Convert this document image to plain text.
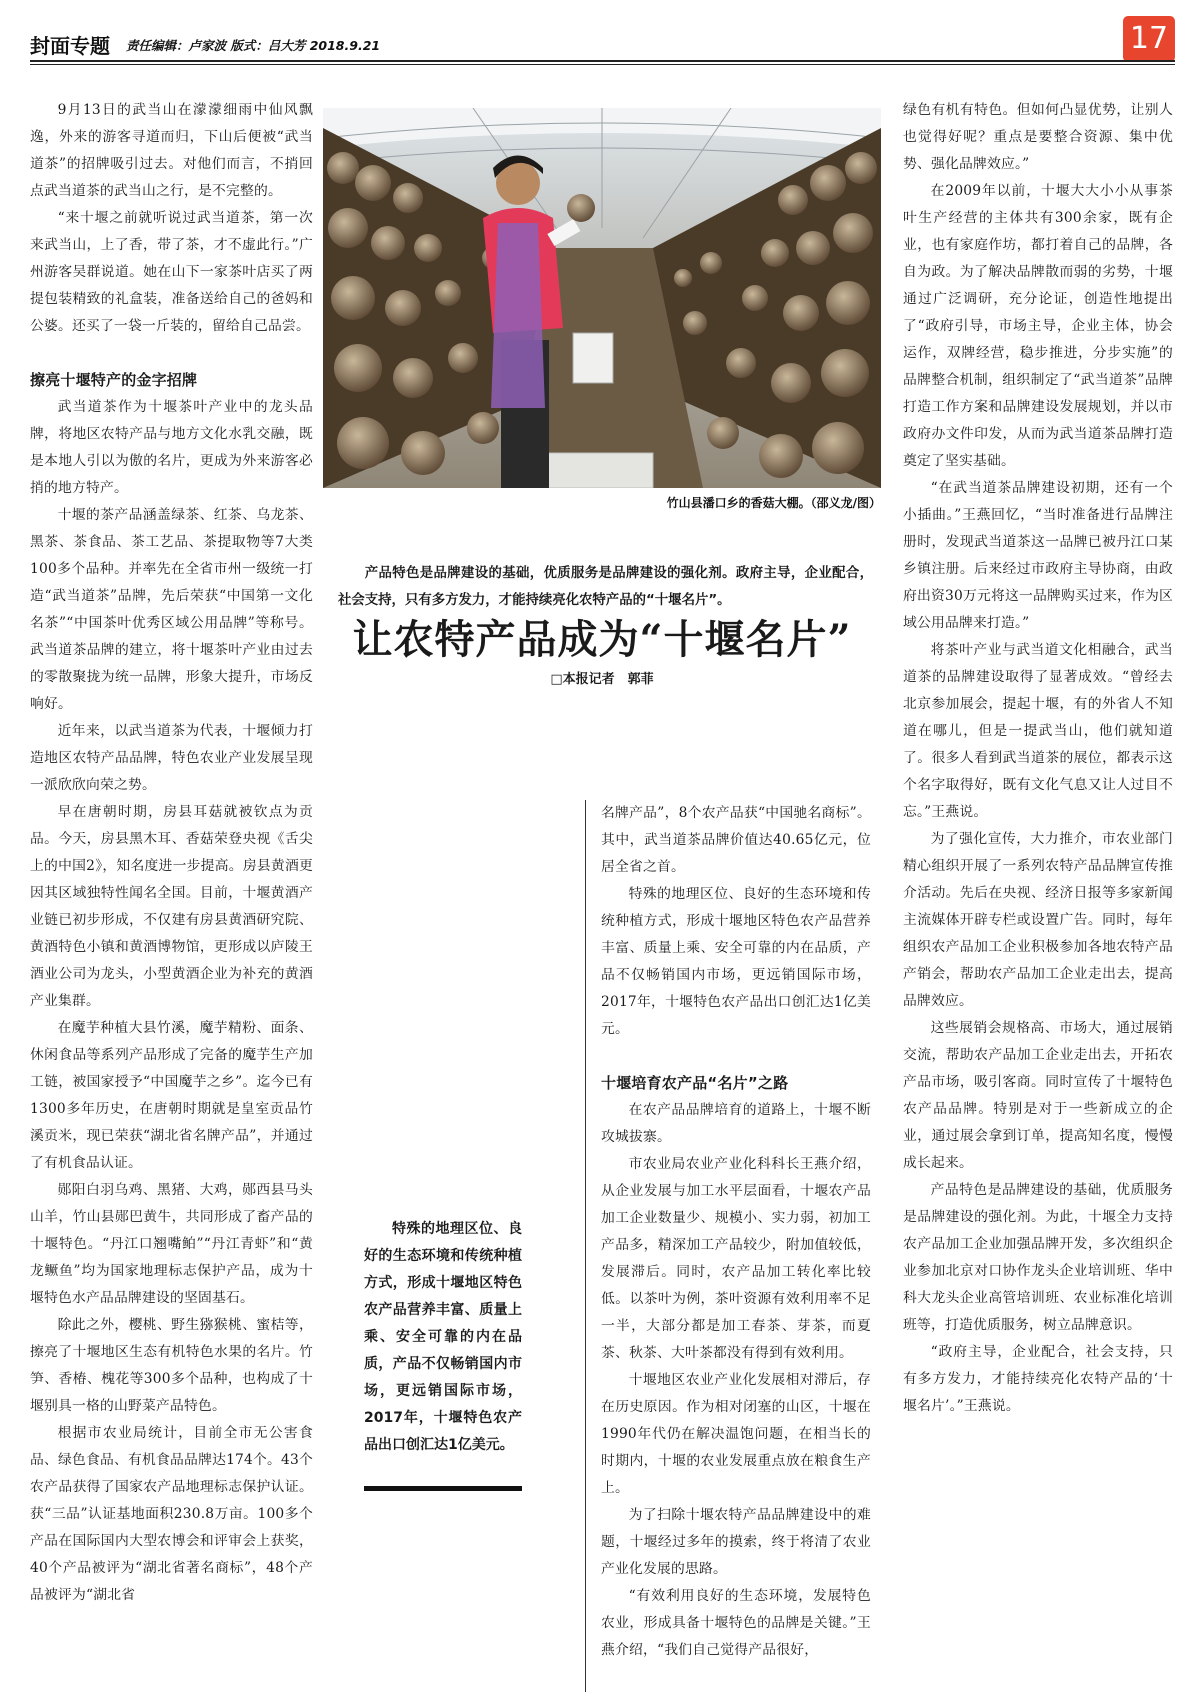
封面专题 责任编辑：卢家波 版式：吕大芳 2018.9.21	17

9月13日的武当山在濛濛细雨中仙风飘逸，外来的游客寻道而归，下山后便被“武当道茶”的招牌吸引过去。对他们而言，不捎回点武当道茶的武当山之行，是不完整的。

“来十堰之前就听说过武当道茶，第一次来武当山，上了香，带了茶，才不虚此行。”广州游客吴群说道。她在山下一家茶叶店买了两提包装精致的礼盒装，准备送给自己的爸妈和公婆。还买了一袋一斤装的，留给自己品尝。

擦亮十堰特产的金字招牌

武当道茶作为十堰茶叶产业中的龙头品牌，将地区农特产品与地方文化水乳交融，既是本地人引以为傲的名片，更成为外来游客必捎的地方特产。

十堰的茶产品涵盖绿茶、红茶、乌龙茶、黑茶、茶食品、茶工艺品、茶提取物等7大类100多个品种。并率先在全省市州一级统一打造“武当道茶”品牌，先后荣获“中国第一文化名茶”“中国茶叶优秀区域公用品牌”等称号。武当道茶品牌的建立，将十堰茶叶产业由过去的零散聚拢为统一品牌，形象大提升，市场反响好。

近年来，以武当道茶为代表，十堰倾力打造地区农特产品品牌，特色农业产业发展呈现一派欣欣向荣之势。

早在唐朝时期，房县耳菇就被钦点为贡品。今天，房县黑木耳、香菇荣登央视《舌尖上的中国2》，知名度进一步提高。房县黄酒更因其区域独特性闻名全国。目前，十堰黄酒产业链已初步形成，不仅建有房县黄酒研究院、黄酒特色小镇和黄酒博物馆，更形成以庐陵王酒业公司为龙头，小型黄酒企业为补充的黄酒产业集群。

在魔芋种植大县竹溪，魔芋精粉、面条、休闲食品等系列产品形成了完备的魔芋生产加工链，被国家授予“中国魔芋之乡”。迄今已有1300多年历史，在唐朝时期就是皇室贡品竹溪贡米，现已荣获“湖北省名牌产品”，并通过了有机食品认证。

郧阳白羽乌鸡、黑猪、大鸡，郧西县马头山羊，竹山县郧巴黄牛，共同形成了畜产品的十堰特色。“丹江口翘嘴鲌”“丹江青虾”和“黄龙鳜鱼”均为国家地理标志保护产品，成为十堰特色水产品品牌建设的坚固基石。

除此之外，樱桃、野生猕猴桃、蜜桔等，擦亮了十堰地区生态有机特色水果的名片。竹笋、香椿、槐花等300多个品种，也构成了十堰别具一格的山野菜产品特色。

根据市农业局统计，目前全市无公害食品、绿色食品、有机食品品牌达174个。43个农产品获得了国家农产品地理标志保护认证。获“三品”认证基地面积230.8万亩。100多个产品在国际国内大型农博会和评审会上获奖，40个产品被评为“湖北省著名商标”，48个产品被评为“湖北省

竹山县潘口乡的香菇大棚。（邵义龙/图）
产品特色是品牌建设的基础，优质服务是品牌建设的强化剂。政府主导，企业配合，社会支持，只有多方发力，才能持续亮化农特产品的“十堰名片”。
让农特产品成为“十堰名片”
□本报记者　郭菲

特殊的地理区位、良好的生态环境和传统种植方式，形成十堰地区特色农产品营养丰富、质量上乘、安全可靠的内在品质，产品不仅畅销国内市场，更远销国际市场，2017年，十堰特色农产品出口创汇达1亿美元。

名牌产品”，8个农产品获“中国驰名商标”。其中，武当道茶品牌价值达40.65亿元，位居全省之首。

特殊的地理区位、良好的生态环境和传统种植方式，形成十堰地区特色农产品营养丰富、质量上乘、安全可靠的内在品质，产品不仅畅销国内市场，更远销国际市场，2017年，十堰特色农产品出口创汇达1亿美元。

十堰培育农产品“名片”之路

在农产品品牌培育的道路上，十堰不断攻城拔寨。

市农业局农业产业化科科长王燕介绍，从企业发展与加工水平层面看，十堰农产品加工企业数量少、规模小、实力弱，初加工产品多，精深加工产品较少，附加值较低，发展滞后。同时，农产品加工转化率比较低。以茶叶为例，茶叶资源有效利用率不足一半，大部分都是加工春茶、芽茶，而夏茶、秋茶、大叶茶都没有得到有效利用。

十堰地区农业产业化发展相对滞后，存在历史原因。作为相对闭塞的山区，十堰在1990年代仍在解决温饱问题，在相当长的时期内，十堰的农业发展重点放在粮食生产上。

为了扫除十堰农特产品品牌建设中的难题，十堰经过多年的摸索，终于将清了农业产业化发展的思路。

“有效利用良好的生态环境，发展特色农业，形成具备十堰特色的品牌是关键。”王燕介绍，“我们自己觉得产品很好，

绿色有机有特色。但如何凸显优势，让别人也觉得好呢？重点是要整合资源、集中优势、强化品牌效应。”

在2009年以前，十堰大大小小从事茶叶生产经营的主体共有300余家，既有企业，也有家庭作坊，都打着自己的品牌，各自为政。为了解决品牌散而弱的劣势，十堰通过广泛调研，充分论证，创造性地提出了“政府引导，市场主导，企业主体，协会运作，双牌经营，稳步推进，分步实施”的品牌整合机制，组织制定了“武当道茶”品牌打造工作方案和品牌建设发展规划，并以市政府办文件印发，从而为武当道茶品牌打造奠定了坚实基础。

“在武当道茶品牌建设初期，还有一个小插曲。”王燕回忆，“当时准备进行品牌注册时，发现武当道茶这一品牌已被丹江口某乡镇注册。后来经过市政府主导协商，由政府出资30万元将这一品牌购买过来，作为区域公用品牌来打造。”

将茶叶产业与武当道文化相融合，武当道茶的品牌建设取得了显著成效。“曾经去北京参加展会，提起十堰，有的外省人不知道在哪儿，但是一提武当山，他们就知道了。很多人看到武当道茶的展位，都表示这个名字取得好，既有文化气息又让人过目不忘。”王燕说。

为了强化宣传，大力推介，市农业部门精心组织开展了一系列农特产品品牌宣传推介活动。先后在央视、经济日报等多家新闻主流媒体开辟专栏或设置广告。同时，每年组织农产品加工企业积极参加各地农特产品产销会，帮助农产品加工企业走出去，提高品牌效应。

这些展销会规格高、市场大，通过展销交流，帮助农产品加工企业走出去，开拓农产品市场，吸引客商。同时宣传了十堰特色农产品品牌。特别是对于一些新成立的企业，通过展会拿到订单，提高知名度，慢慢成长起来。

产品特色是品牌建设的基础，优质服务是品牌建设的强化剂。为此，十堰全力支持农产品加工企业加强品牌开发，多次组织企业参加北京对口协作龙头企业培训班、华中科大龙头企业高管培训班、农业标准化培训班等，打造优质服务，树立品牌意识。

“政府主导，企业配合，社会支持，只有多方发力，才能持续亮化农特产品的‘十堰名片’。”王燕说。
